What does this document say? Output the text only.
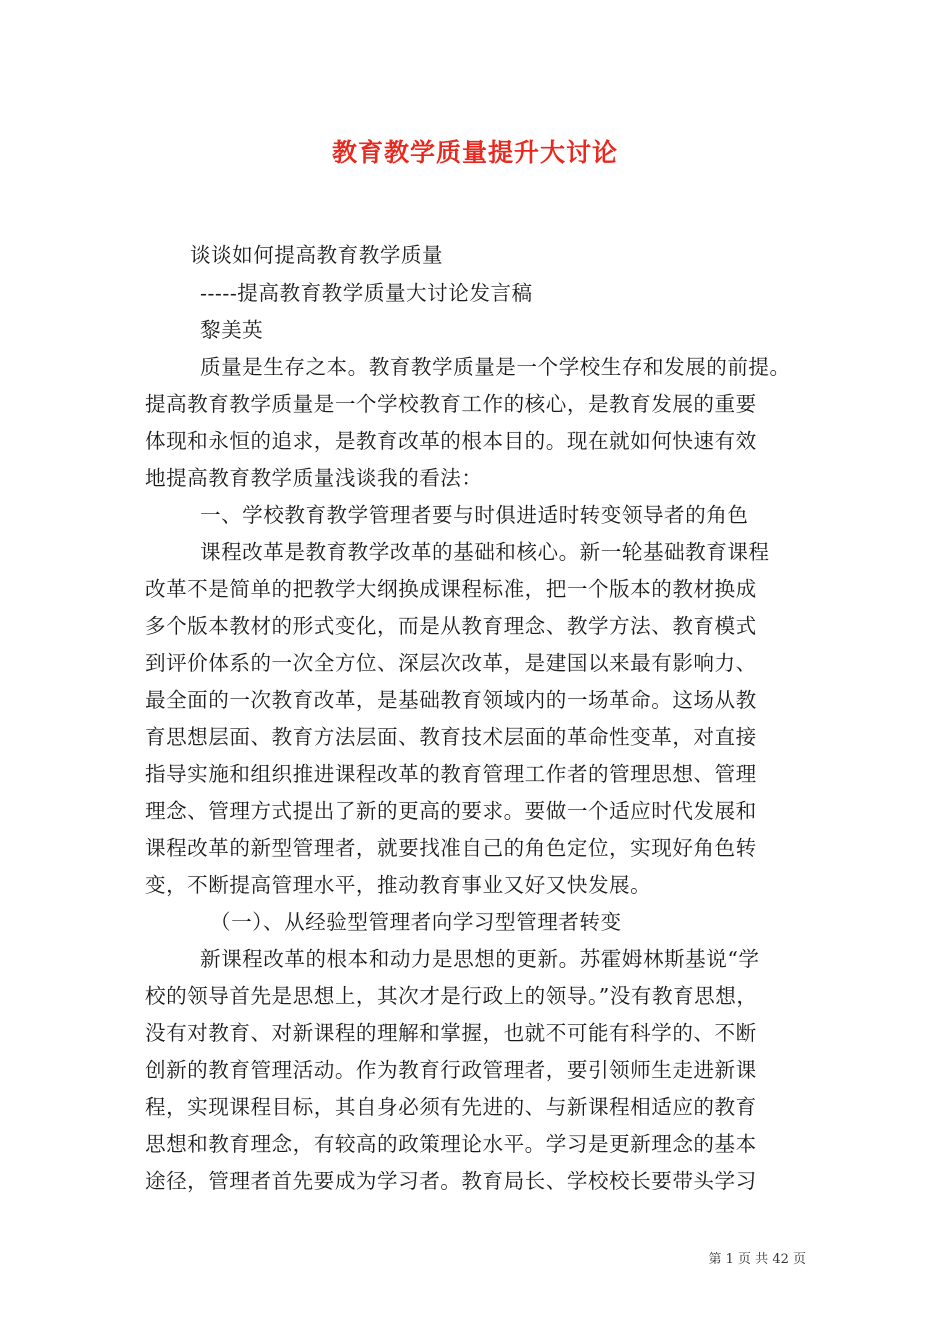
教育教学质量提升大讨论
谈谈如何提高教育教学质量
-----提高教育教学质量大讨论发言稿
黎美英
质量是生存之本。教育教学质量是一个学校生存和发展的前提。
提高教育教学质量是一个学校教育工作的核心，是教育发展的重要
体现和永恒的追求，是教育改革的根本目的。现在就如何快速有效
地提高教育教学质量浅谈我的看法：
一、学校教育教学管理者要与时俱进适时转变领导者的角色
课程改革是教育教学改革的基础和核心。新一轮基础教育课程
改革不是简单的把教学大纲换成课程标准，把一个版本的教材换成
多个版本教材的形式变化，而是从教育理念、教学方法、教育模式
到评价体系的一次全方位、深层次改革，是建国以来最有影响力、
最全面的一次教育改革，是基础教育领域内的一场革命。这场从教
育思想层面、教育方法层面、教育技术层面的革命性变革，对直接
指导实施和组织推进课程改革的教育管理工作者的管理思想、管理
理念、管理方式提出了新的更高的要求。要做一个适应时代发展和
课程改革的新型管理者，就要找准自己的角色定位，实现好角色转
变，不断提高管理水平，推动教育事业又好又快发展。
（一）、从经验型管理者向学习型管理者转变
新课程改革的根本和动力是思想的更新。苏霍姆林斯基说“学
校的领导首先是思想上，其次才是行政上的领导。”没有教育思想，
没有对教育、对新课程的理解和掌握，也就不可能有科学的、不断
创新的教育管理活动。作为教育行政管理者，要引领师生走进新课
程，实现课程目标，其自身必须有先进的、与新课程相适应的教育
思想和教育理念，有较高的政策理论水平。学习是更新理念的基本
途径，管理者首先要成为学习者。教育局长、学校校长要带头学习
第 1 页 共 42 页
